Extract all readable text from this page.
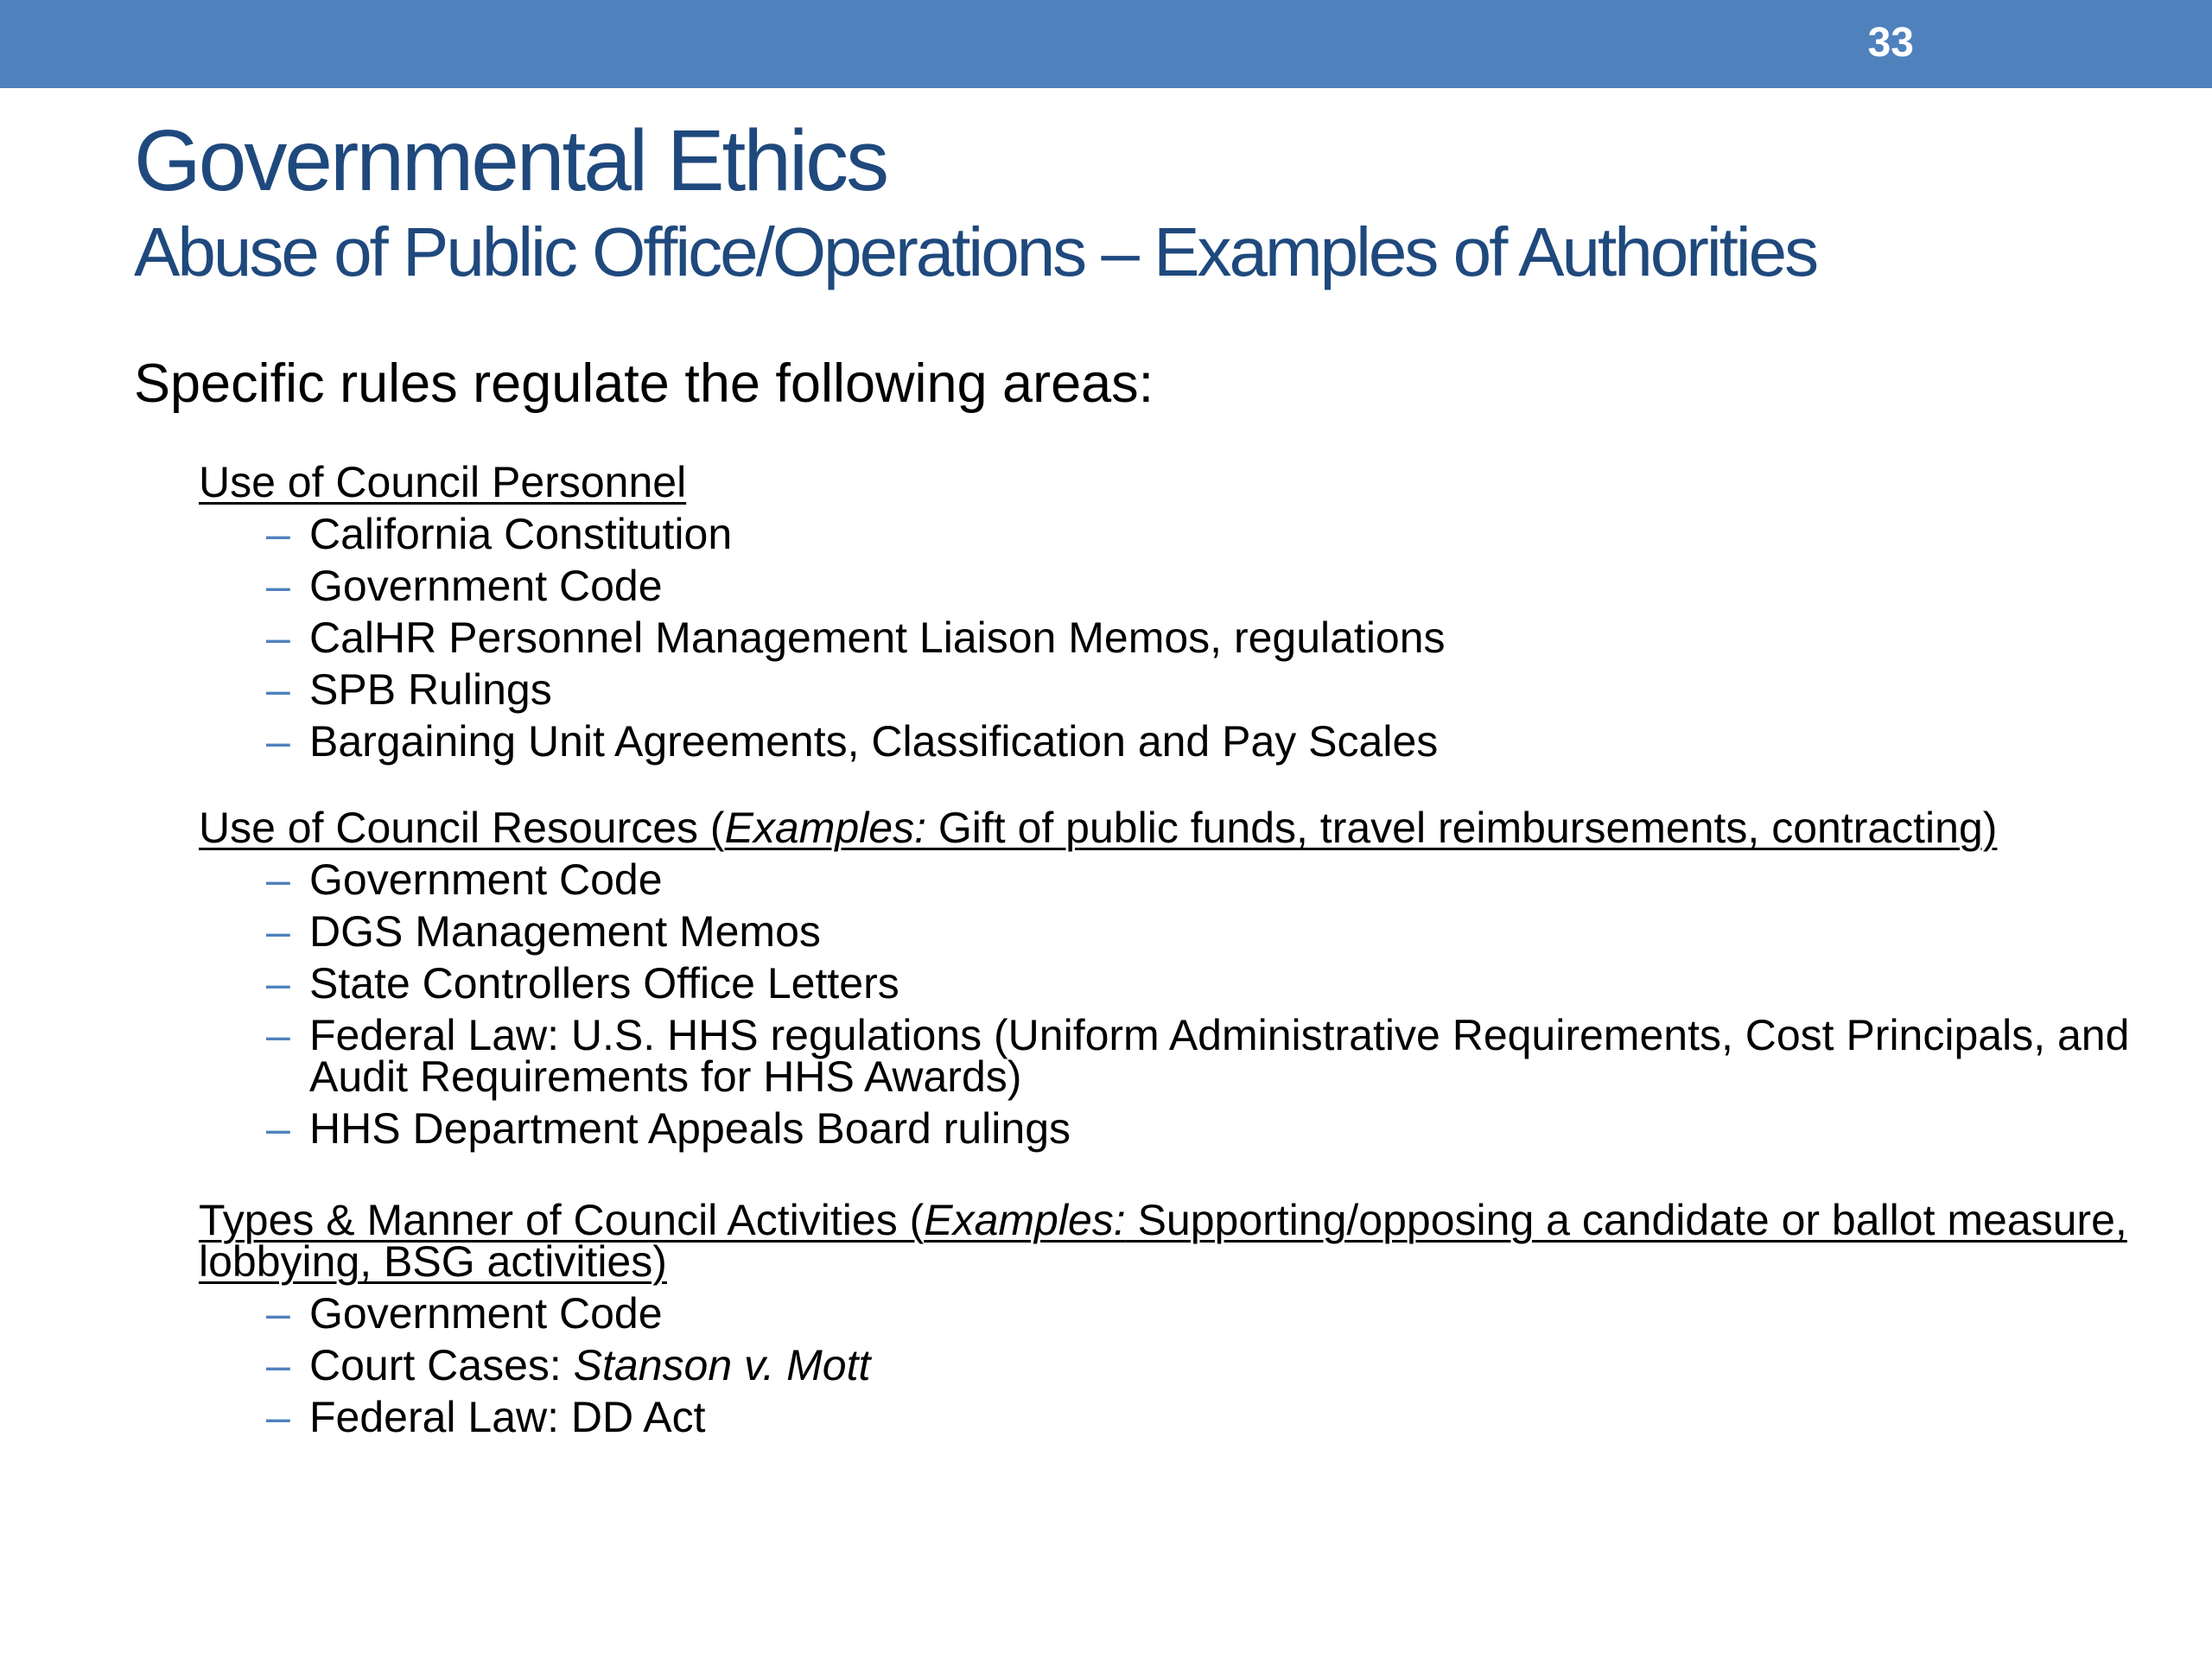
33
Governmental Ethics
Abuse of Public Office/Operations – Examples of Authorities
Specific rules regulate the following areas:
Use of Council Personnel
– California Constitution
– Government Code
– CalHR Personnel Management Liaison Memos, regulations
– SPB Rulings
– Bargaining Unit Agreements, Classification and Pay Scales
Use of Council Resources (Examples: Gift of public funds, travel reimbursements, contracting)
– Government Code
– DGS Management Memos
– State Controllers Office Letters
– Federal Law: U.S. HHS regulations (Uniform Administrative Requirements, Cost Principals, and Audit Requirements for HHS Awards)
– HHS Department Appeals Board rulings
Types & Manner of Council Activities (Examples: Supporting/opposing a candidate or ballot measure, lobbying, BSG activities)
– Government Code
– Court Cases: Stanson v. Mott
– Federal Law: DD Act
